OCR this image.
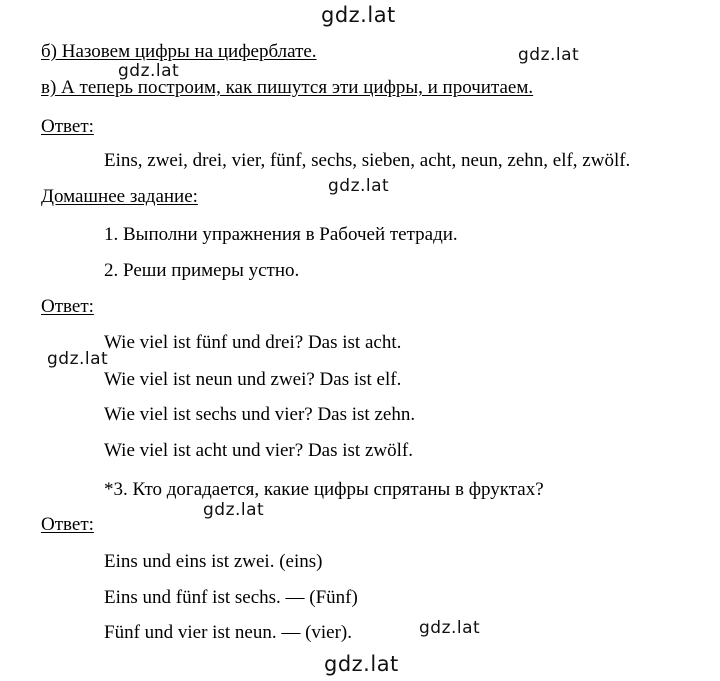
б) Назовем цифры на циферблате.
в) А теперь построим, как пишутся эти цифры, и прочитаем.
Ответ:
Eins, zwei, drei, vier, fünf, sechs, sieben, acht, neun, zehn, elf, zwölf.
Домашнее задание:
1. Выполни упражнения в Рабочей тетради.
2. Реши примеры устно.
Ответ:
Wie viel ist fünf und drei? Das ist acht.
Wie viel ist neun und zwei? Das ist elf.
Wie viel ist sechs und vier? Das ist zehn.
Wie viel ist acht und vier? Das ist zwölf.
*3. Кто догадается, какие цифры спрятаны в фруктах?
Ответ:
Eins und eins ist zwei. (eins)
Eins und fünf ist sechs. — (Fünf)
Fünf und vier ist neun. — (vier).
gdz.lat
gdz.lat
gdz.lat
gdz.lat
gdz.lat
gdz.lat
gdz.lat
gdz.lat
